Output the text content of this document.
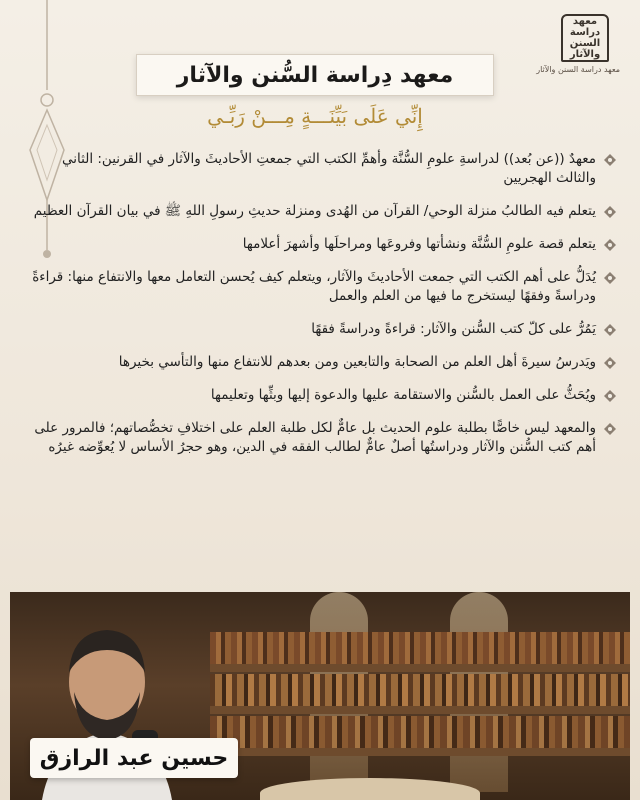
معهد دراسة السنن والآثار
معهد دراسة السنن والآثار
معهد دِراسة السُّنن والآثار
إِنِّي عَلَى بَيِّنَـــةٍ مِـــنْ رَبِّـي
معهدٌ ((عن بُعد)) لدراسةِ علومِ السُّنَّة وأهمِّ الكتب التي جمعتِ الأحاديثَ والآثار في القرنين: الثاني والثالث الهجريين
يتعلم فيه الطالبُ منزلة الوحي/ القرآن من الهُدى ومنزلة حديثِ رسولِ اللهِ ﷺ في بيان القرآن العظيم
يتعلم قصة علومِ السُّنَّة ونشأتها وفروعَها ومراحلَها وأشهرَ أعلامها
يُدَلُّ على أهم الكتب التي جمعت الأحاديثَ والآثار، ويتعلم كيف يُحسن التعامل معها والانتفاع منها: قراءةً ودراسةً وفقهًا ليستخرج ما فيها من العلم والعمل
يَمُرُّ على كلّ كتب السُّنن والآثار: قراءةً ودراسةً فقهًا
ويَدرسُ سيرةَ أهل العلم من الصحابة والتابعين ومن بعدهم للانتفاع منها والتأسي بخيرها
ويُحَثُّ على العمل بالسُّنن والاستقامة عليها والدعوة إليها وبثِّها وتعليمها
والمعهد ليس خاصًّا بطلبة علوم الحديث بل عامٌّ لكل طلبة العلم على اختلافِ تخصُّصاتهم؛ فالمرور على أهم كتب السُّنن والآثار ودراستُها أصلٌ عامٌّ لطالب الفقه في الدين، وهو حجرُ الأساس لا يُعوِّضه غيرُه
حسين عبد الرازق
